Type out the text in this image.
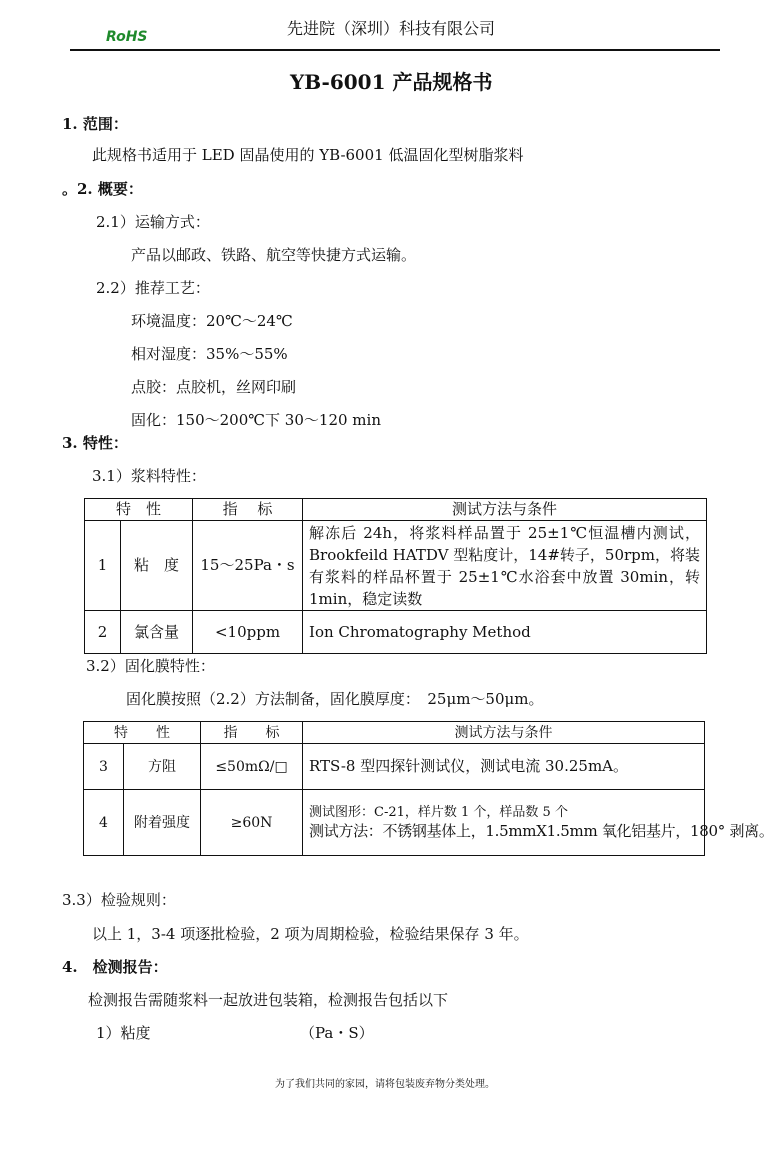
RoHS	先进院（深圳）科技有限公司
YB-6001 产品规格书
1. 范围：
此规格书适用于 LED 固晶使用的 YB-6001 低温固化型树脂浆料
。2. 概要：
2.1）运输方式：
产品以邮政、铁路、航空等快捷方式运输。
2.2）推荐工艺：
环境温度：20℃～24℃
相对湿度：35%～55%
点胶：点胶机，丝网印刷
固化：150～200℃下 30～120 min
3. 特性：
3.1）浆料特性：
特　性		指　 标	测试方法与条件
1	粘　度	15～25Pa・s	解冻后 24h，将浆料样品置于 25±1℃恒温槽内测试，Brookfeild HATDV 型粘度计，14#转子，50rpm，将装有浆料的样品杯置于 25±1℃水浴套中放置 30min，转 1min，稳定读数
2	氯含量	<10ppm	Ion Chromatography Method
3.2）固化膜特性：
固化膜按照（2.2）方法制备，固化膜厚度：　25μm～50μm。
特　　性		指　　标	测试方法与条件
3	方阻	≤50mΩ/□	RTS-8 型四探针测试仪，测试电流 30.25mA。
4	附着强度	≥60N	测试图形：C-21，样片数 1 个，样品数 5 个
测试方法：不锈钢基体上，1.5mmX1.5mm 氧化铝基片，180° 剥离。
3.3）检验规则：
以上 1，3-4 项逐批检验，2 项为周期检验，检验结果保存 3 年。
4.　检测报告：
检测报告需随浆料一起放进包装箱，检测报告包括以下
1）粘度	（Pa・S）
为了我们共同的家园，请将包装废弃物分类处理。
